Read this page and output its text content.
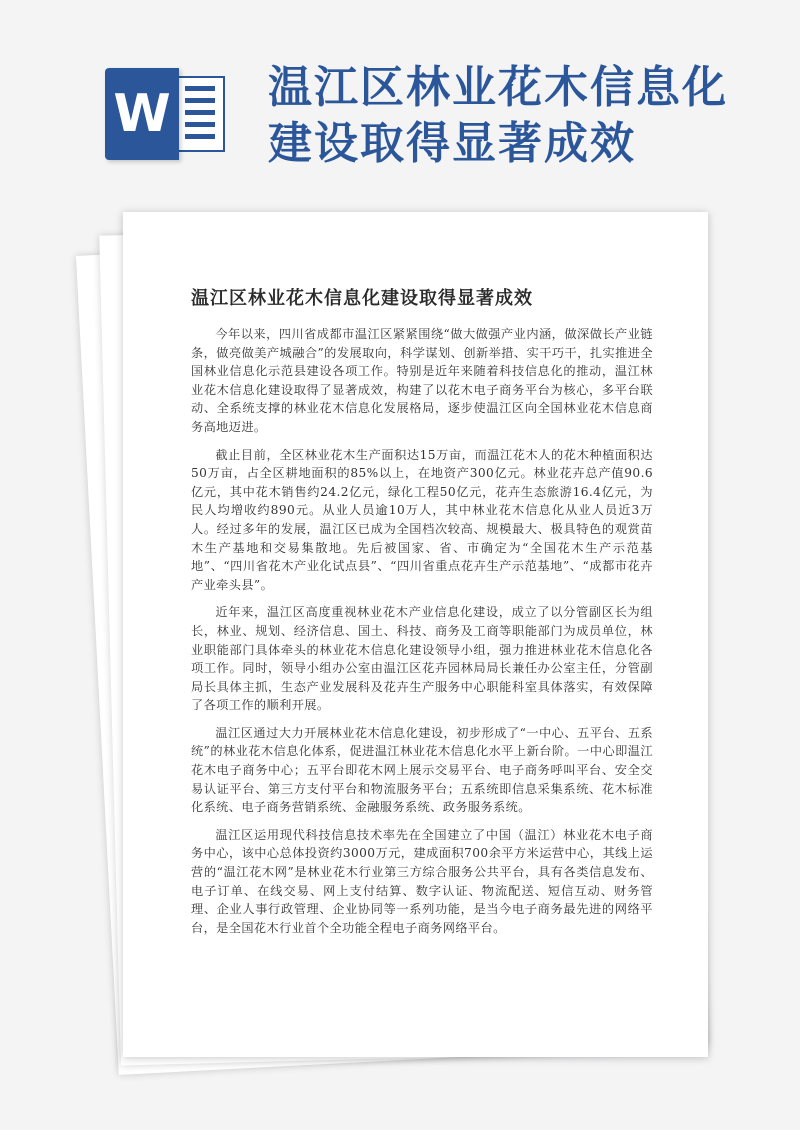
W 温江区林业花木信息化
建设取得显著成效
温江区林业花木信息化建设取得显著成效

今年以来，四川省成都市温江区紧紧围绕“做大做强产业内涵，做深做长产业链条，做亮做美产城融合”的发展取向，科学谋划、创新举措、实干巧干，扎实推进全国林业信息化示范县建设各项工作。特别是近年来随着科技信息化的推动，温江林业花木信息化建设取得了显著成效，构建了以花木电子商务平台为核心，多平台联动、全系统支撑的林业花木信息化发展格局，逐步使温江区向全国林业花木信息商务高地迈进。

截止目前，全区林业花木生产面积达15万亩，而温江花木人的花木种植面积达50万亩，占全区耕地面积的85%以上，在地资产300亿元。林业花卉总产值90.6亿元，其中花木销售约24.2亿元，绿化工程50亿元，花卉生态旅游16.4亿元，为民人均增收约890元。从业人员逾10万人，其中林业花木信息化从业人员近3万人。经过多年的发展，温江区已成为全国档次较高、规模最大、极具特色的观赏苗木生产基地和交易集散地。先后被国家、省、市确定为“全国花木生产示范基地”、“四川省花木产业化试点县”、“四川省重点花卉生产示范基地”、“成都市花卉产业牵头县”。

近年来，温江区高度重视林业花木产业信息化建设，成立了以分管副区长为组长，林业、规划、经济信息、国土、科技、商务及工商等职能部门为成员单位，林业职能部门具体牵头的林业花木信息化建设领导小组，强力推进林业花木信息化各项工作。同时，领导小组办公室由温江区花卉园林局局长兼任办公室主任，分管副局长具体主抓，生态产业发展科及花卉生产服务中心职能科室具体落实，有效保障了各项工作的顺利开展。

温江区通过大力开展林业花木信息化建设，初步形成了“一中心、五平台、五系统”的林业花木信息化体系，促进温江林业花木信息化水平上新台阶。一中心即温江花木电子商务中心；五平台即花木网上展示交易平台、电子商务呼叫平台、安全交易认证平台、第三方支付平台和物流服务平台；五系统即信息采集系统、花木标准化系统、电子商务营销系统、金融服务系统、政务服务系统。

温江区运用现代科技信息技术率先在全国建立了中国（温江）林业花木电子商务中心，该中心总体投资约3000万元，建成面积700余平方米运营中心，其线上运营的“温江花木网”是林业花木行业第三方综合服务公共平台，具有各类信息发布、电子订单、在线交易、网上支付结算、数字认证、物流配送、短信互动、财务管理、企业人事行政管理、企业协同等一系列功能，是当今电子商务最先进的网络平台，是全国花木行业首个全功能全程电子商务网络平台。
